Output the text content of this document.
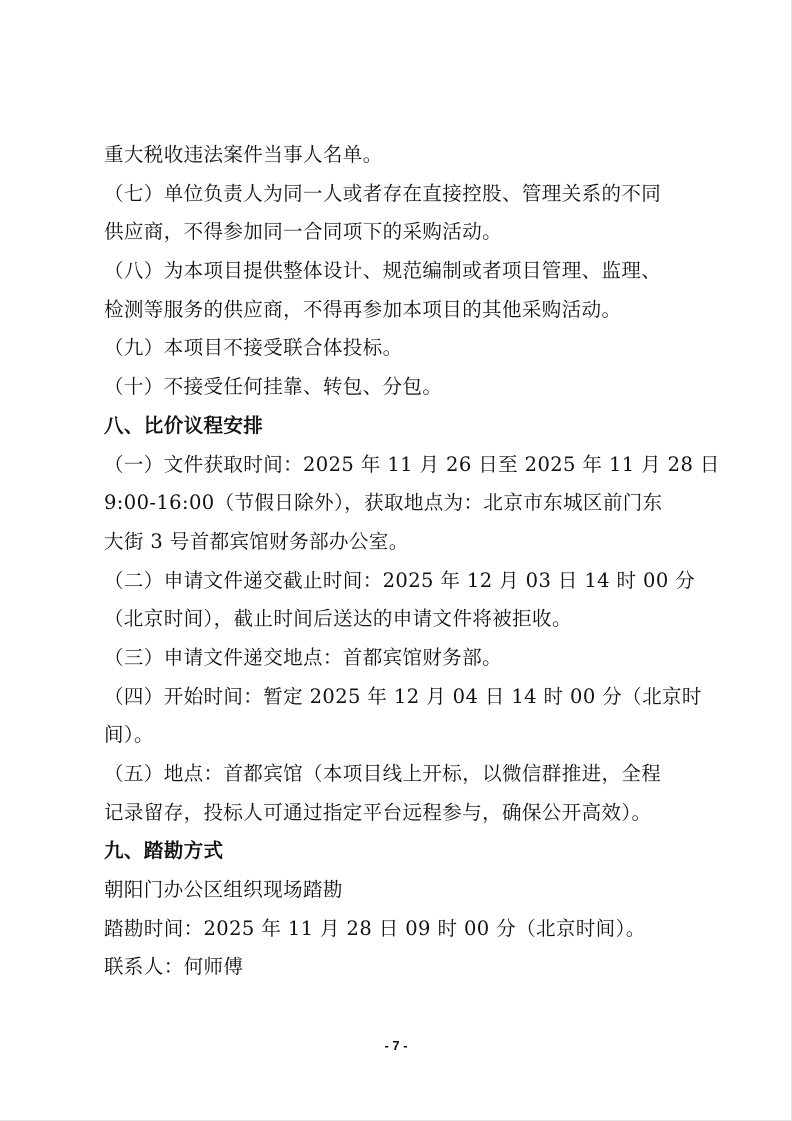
重大税收违法案件当事人名单。
（七）单位负责人为同一人或者存在直接控股、管理关系的不同
供应商，不得参加同一合同项下的采购活动。
（八）为本项目提供整体设计、规范编制或者项目管理、监理、
检测等服务的供应商，不得再参加本项目的其他采购活动。
（九）本项目不接受联合体投标。
（十）不接受任何挂靠、转包、分包。
八、比价议程安排
（一）文件获取时间：2025 年 11 月 26 日至 2025 年 11 月 28 日
9:00-16:00（节假日除外），获取地点为：北京市东城区前门东
大街 3 号首都宾馆财务部办公室。
（二）申请文件递交截止时间：2025 年 12 月 03 日 14 时 00 分
（北京时间），截止时间后送达的申请文件将被拒收。
（三）申请文件递交地点：首都宾馆财务部。
（四）开始时间：暂定 2025 年 12 月 04 日 14 时 00 分（北京时
间）。
（五）地点：首都宾馆（本项目线上开标，以微信群推进，全程
记录留存，投标人可通过指定平台远程参与，确保公开高效）。
九、踏勘方式
朝阳门办公区组织现场踏勘
踏勘时间：2025 年 11 月 28 日 09 时 00 分（北京时间）。
联系人：何师傅
- 7 -
